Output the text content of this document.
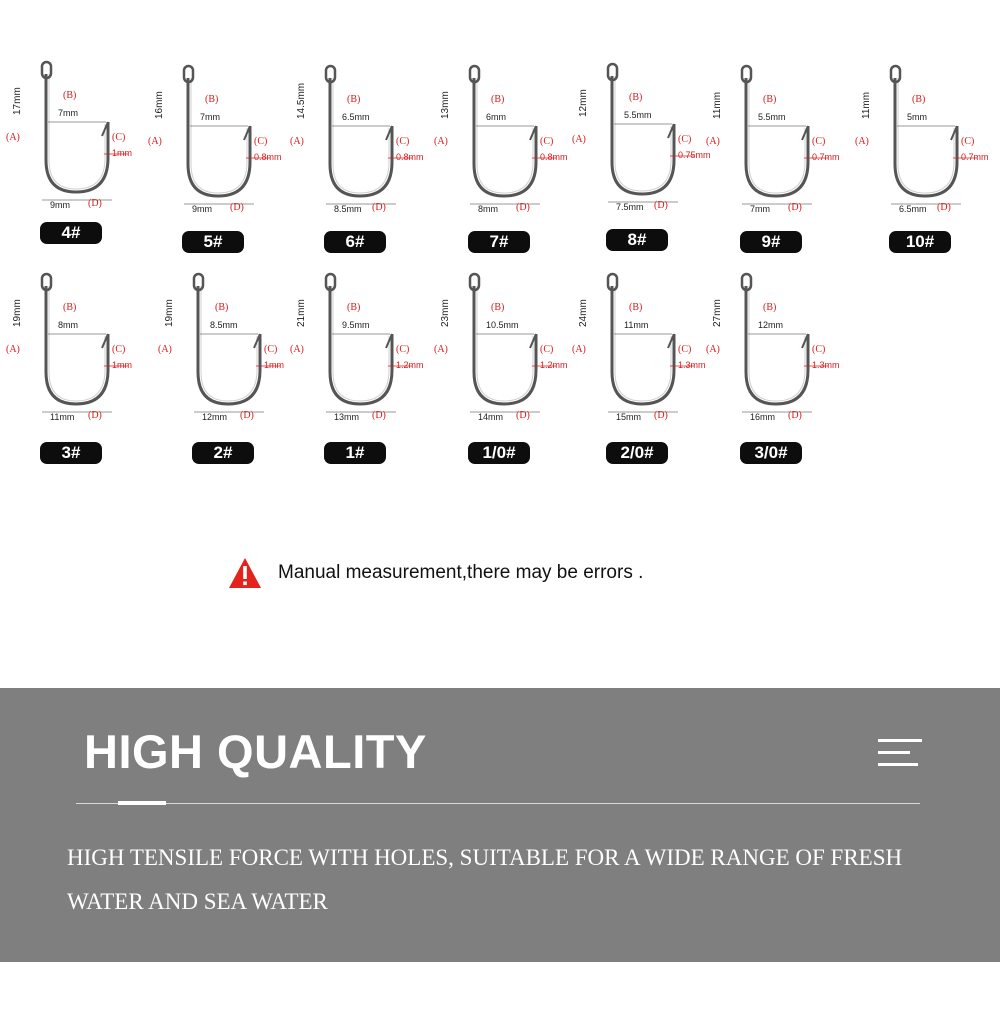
(A)
17mm	(B)
7mm
(C)
1mm
9mm (D)
4#
(A)
16mm	(B)
7mm
(C)
0.8mm
9mm (D)
5#
(A)
14.5mm	(B)
6.5mm
(C)
0.8mm
8.5mm (D)
6#
(A)
13mm	(B)
6mm
(C)
0.8mm
8mm (D)
7#
(A)
12mm	(B)
5.5mm
(C)
0.75mm
7.5mm (D)
8#
(A)
11mm	(B)
5.5mm
(C)
0.7mm
7mm (D)
9#
(A)
11mm	(B)
5mm
(C)
0.7mm
6.5mm (D)
10#
(A)
19mm	(B)
8mm
(C)
1mm
11mm (D)
3#
(A)
19mm	(B)
8.5mm
(C)
1mm
12mm (D)
2#
(A)
21mm	(B)
9.5mm
(C)
1.2mm
13mm (D)
1#
(A)
23mm	(B)
10.5mm
(C)
1.2mm
14mm (D)
1/0#
(A)
24mm	(B)
11mm
(C)
1.3mm
15mm (D)
2/0#
(A)
27mm	(B)
12mm
(C)
1.3mm
16mm (D)
3/0#
Manual measurement,there may be errors .
HIGH QUALITY

HIGH TENSILE FORCE WITH HOLES, SUITABLE FOR A WIDE RANGE OF FRESH WATER AND SEA WATER
